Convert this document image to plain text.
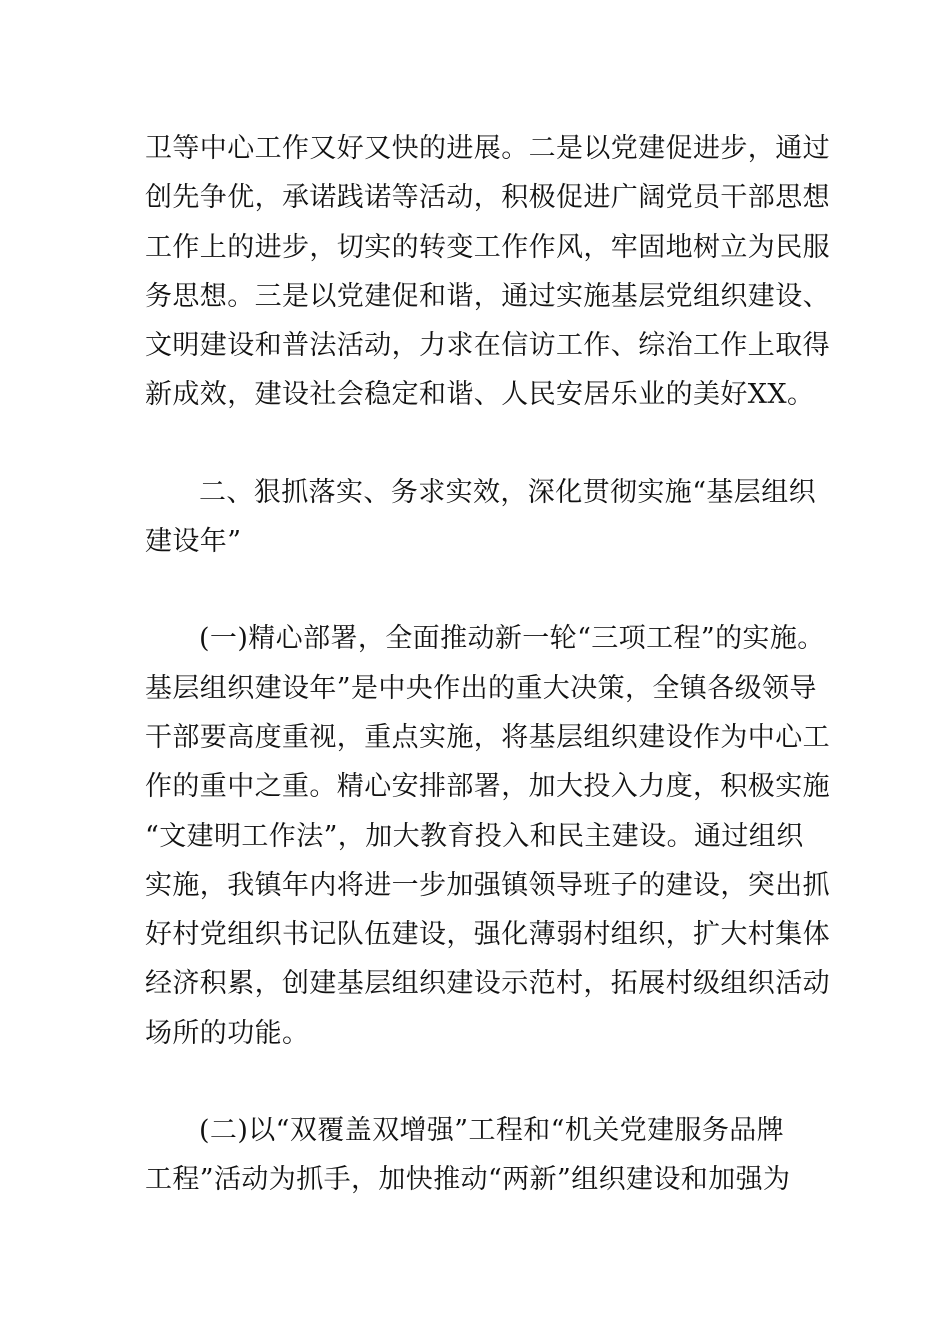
卫等中心工作又好又快的进展。二是以党建促进步，通过
创先争优，承诺践诺等活动，积极促进广阔党员干部思想
工作上的进步，切实的转变工作作风，牢固地树立为民服
务思想。三是以党建促和谐，通过实施基层党组织建设、
文明建设和普法活动，力求在信访工作、综治工作上取得
新成效，建设社会稳定和谐、人民安居乐业的美好XX。

二、狠抓落实、务求实效，深化贯彻实施“基层组织
建设年”

(一)精心部署，全面推动新一轮“三项工程”的实施。
基层组织建设年”是中央作出的重大决策，全镇各级领导
干部要高度重视，重点实施，将基层组织建设作为中心工
作的重中之重。精心安排部署，加大投入力度，积极实施
“文建明工作法”，加大教育投入和民主建设。通过组织
实施，我镇年内将进一步加强镇领导班子的建设，突出抓
好村党组织书记队伍建设，强化薄弱村组织，扩大村集体
经济积累，创建基层组织建设示范村，拓展村级组织活动
场所的功能。

(二)以“双覆盖双增强”工程和“机关党建服务品牌
工程”活动为抓手，加快推动“两新”组织建设和加强为
